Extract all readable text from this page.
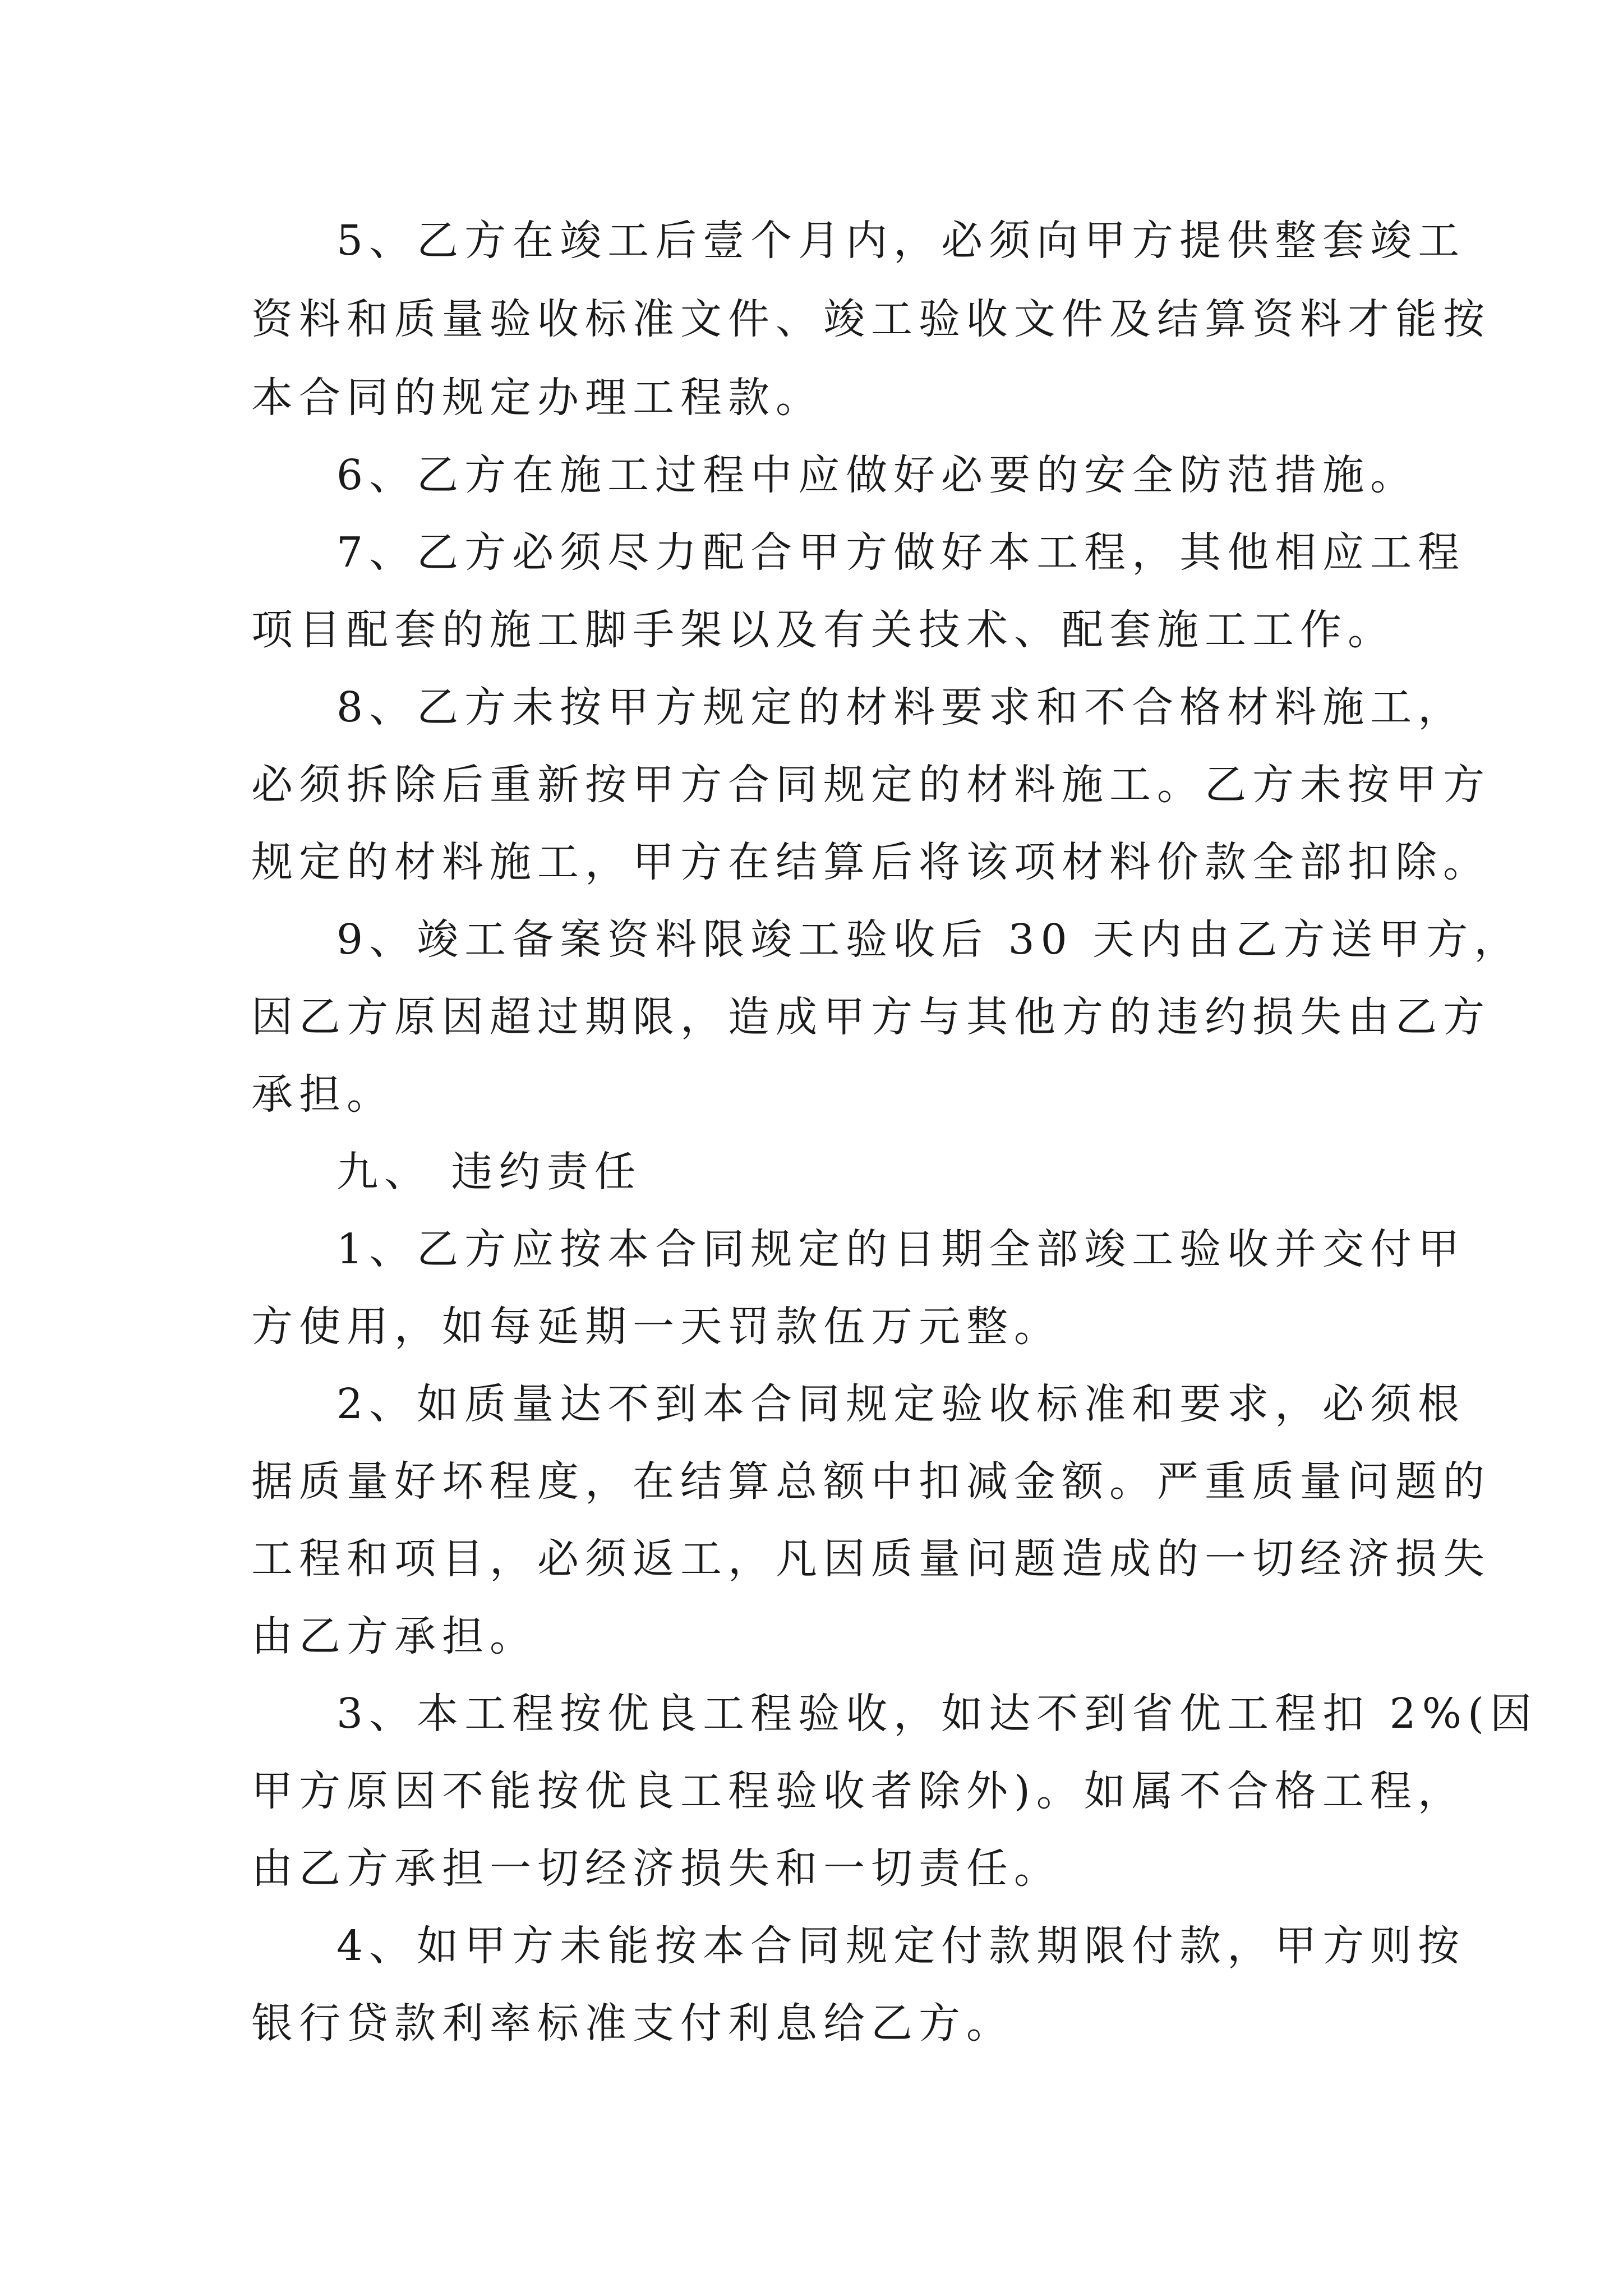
5、乙方在竣工后壹个月内，必须向甲方提供整套竣工
资料和质量验收标准文件、竣工验收文件及结算资料才能按
本合同的规定办理工程款。
6、乙方在施工过程中应做好必要的安全防范措施。
7、乙方必须尽力配合甲方做好本工程，其他相应工程
项目配套的施工脚手架以及有关技术、配套施工工作。
8、乙方未按甲方规定的材料要求和不合格材料施工，
必须拆除后重新按甲方合同规定的材料施工。乙方未按甲方
规定的材料施工，甲方在结算后将该项材料价款全部扣除。
9、竣工备案资料限竣工验收后 30 天内由乙方送甲方，
因乙方原因超过期限，造成甲方与其他方的违约损失由乙方
承担。
九、 违约责任
1、乙方应按本合同规定的日期全部竣工验收并交付甲
方使用，如每延期一天罚款伍万元整。
2、如质量达不到本合同规定验收标准和要求，必须根
据质量好坏程度，在结算总额中扣减金额。严重质量问题的
工程和项目，必须返工，凡因质量问题造成的一切经济损失
由乙方承担。
3、本工程按优良工程验收，如达不到省优工程扣 2%(因
甲方原因不能按优良工程验收者除外)。如属不合格工程，
由乙方承担一切经济损失和一切责任。
4、如甲方未能按本合同规定付款期限付款，甲方则按
银行贷款利率标准支付利息给乙方。
